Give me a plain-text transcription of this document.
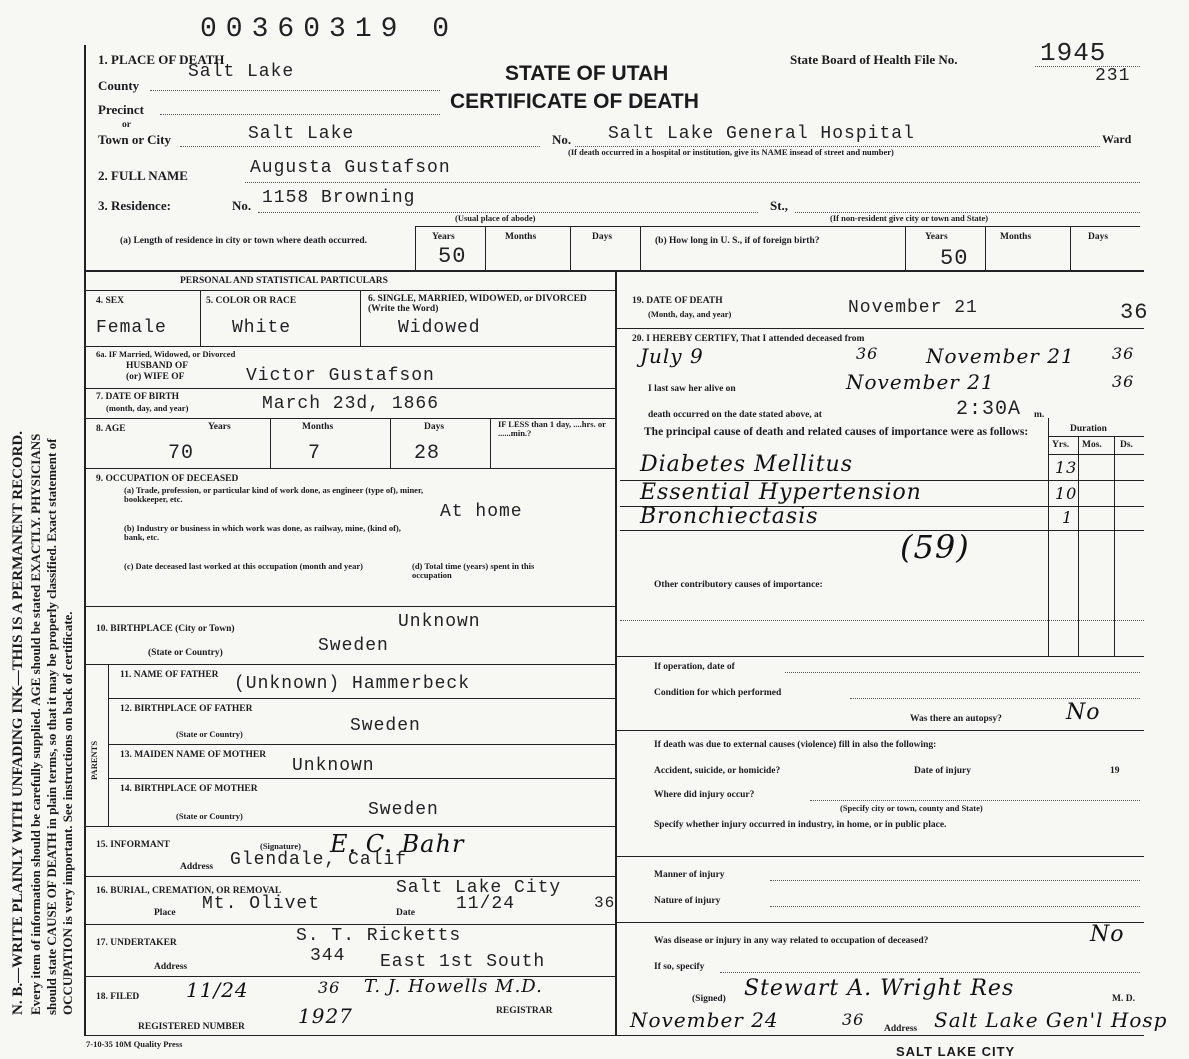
N. B.—WRITE PLAINLY WITH UNFADING INK—THIS IS A PERMANENT RECORD. Every item of information should be carefully supplied. AGE should be stated EXACTLY. PHYSICIANS should state CAUSE OF DEATH in plain terms, so that it may be properly classified. Exact statement of OCCUPATION is very important. See instructions on back of certificate.
00360319 0
1. PLACE OF DEATH
County
Salt Lake
Precinct
or
Town or City	Salt Lake
STATE OF UTAH
CERTIFICATE OF DEATH
State Board of Health File No.	1945
231
No. Salt Lake General Hospital	Ward
(If death occurred in a hospital or institution, give its NAME insead of street and number)
2. FULL NAME	Augusta Gustafson
3. Residence:	No. 1158 Browning	St.,
(Usual place of abode)	(If non-resident give city or town and State)
(a) Length of residence in city or town where death occurred.	Years	Months	Days
50
(b) How long in U. S., if of foreign birth?	Years	Months	Days
50
PERSONAL AND STATISTICAL PARTICULARS
4. SEX	5. COLOR OR RACE	6. SINGLE, MARRIED, WIDOWED, or DIVORCED (Write the Word)
Female	White	Widowed
6a. IF Married, Widowed, or Divorced
HUSBAND OF
(or) WIFE OF	Victor Gustafson
7. DATE OF BIRTH
(month, day, and year)	March 23d, 1866
8. AGE	Years	Months	Days
70	7	28
IF LESS than 1 day, ....hrs. or ......min.?
9. OCCUPATION OF DECEASED
(a) Trade, profession, or particular kind of work done, as engineer (type of), miner, bookkeeper, etc.
At home
(b) Industry or business in which work was done, as railway, mine, (kind of), bank, etc.
(c) Date deceased last worked at this occupation (month and year)	(d) Total time (years) spent in this occupation
10. BIRTHPLACE (City or Town)	Unknown
(State or Country)	Sweden
PARENTS
11. NAME OF FATHER (Unknown) Hammerbeck
12. BIRTHPLACE OF FATHER
(State or Country)	Sweden
13. MAIDEN NAME OF MOTHER
Unknown
14. BIRTHPLACE OF MOTHER
(State or Country)	Sweden
15. INFORMANT	(Signature) E. C. Bahr
Address Glendale, Calif
16. BURIAL, CREMATION, OR REMOVAL	Salt Lake City
Place Mt. Olivet	Date 11/24	36
17. UNDERTAKER	S. T. Ricketts
Address
344 East 1st South
18. FILED 11/24	36 T. J. Howells M.D.
REGISTRAR
REGISTERED NUMBER	1927
7-10-35 10M Quality Press
19. DATE OF DEATH
(Month, day, and year)	November 21	36
20. I HEREBY CERTIFY, That I attended deceased from
July 9	36 November 21 36
I last saw her alive on	November 21	36
death occurred on the date stated above, at	2:30A m.
The principal cause of death and related causes of importance were as follows:	Duration
Yrs. Mos. Ds.
Diabetes Mellitus	13
Essential Hypertension	10
Bronchiectasis	1
(59)
Other contributory causes of importance:
If operation, date of
Condition for which performed
Was there an autopsy?	No
If death was due to external causes (violence) fill in also the following:
Accident, suicide, or homicide?	Date of injury	19
Where did injury occur?
(Specify city or town, county and State)
Specify whether injury occurred in industry, in home, or in public place.
Manner of injury
Nature of injury
Was disease or injury in any way related to occupation of deceased?	No
If so, specify
(Signed) Stewart A. Wright Res	M. D.
November 24	36 Address Salt Lake Gen'l Hosp
SALT LAKE CITY
